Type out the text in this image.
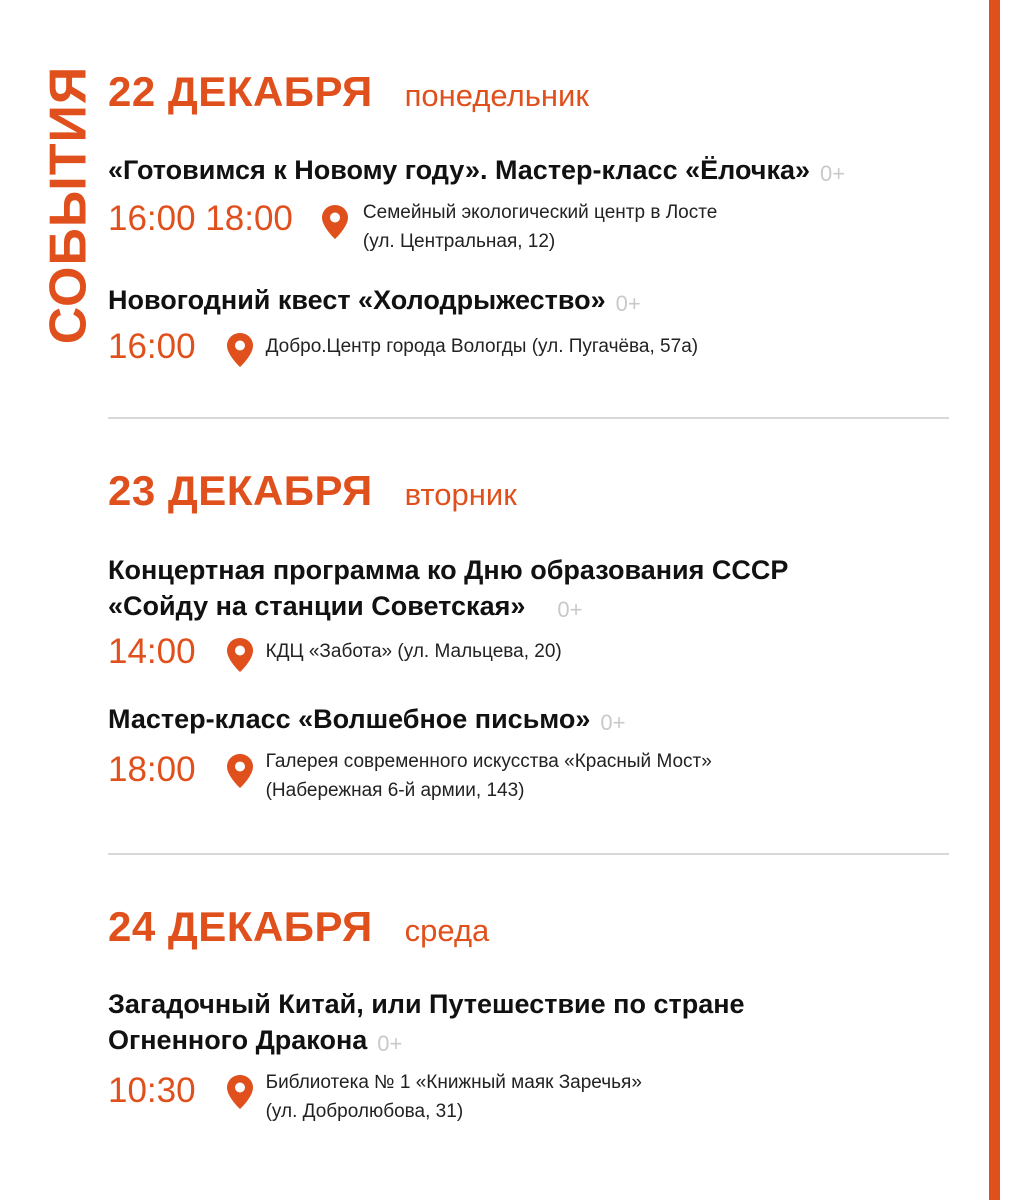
СОБЫТИЯ 22 ДЕКАБРЯ понедельник
«Готовимся к Новому году». Мастер-класс «Ёлочка» 0+
16:00 18:00	Семейный экологический центр в Лосте
(ул. Центральная, 12)
Новогодний квест «Холодрыжество» 0+
16:00	Добро.Центр города Вологды (ул. Пугачёва, 57а)
23 ДЕКАБРЯ вторник
Концертная программа ко Дню образования СССР
«Сойду на станции Советская» 0+
14:00	КДЦ «Забота» (ул. Мальцева, 20)
Мастер-класс «Волшебное письмо» 0+
18:00	Галерея современного искусства «Красный Мост»
(Набережная 6-й армии, 143)
24 ДЕКАБРЯ среда
Загадочный Китай, или Путешествие по стране
Огненного Дракона 0+
10:30	Библиотека № 1 «Книжный маяк Заречья»
(ул. Добролюбова, 31)
